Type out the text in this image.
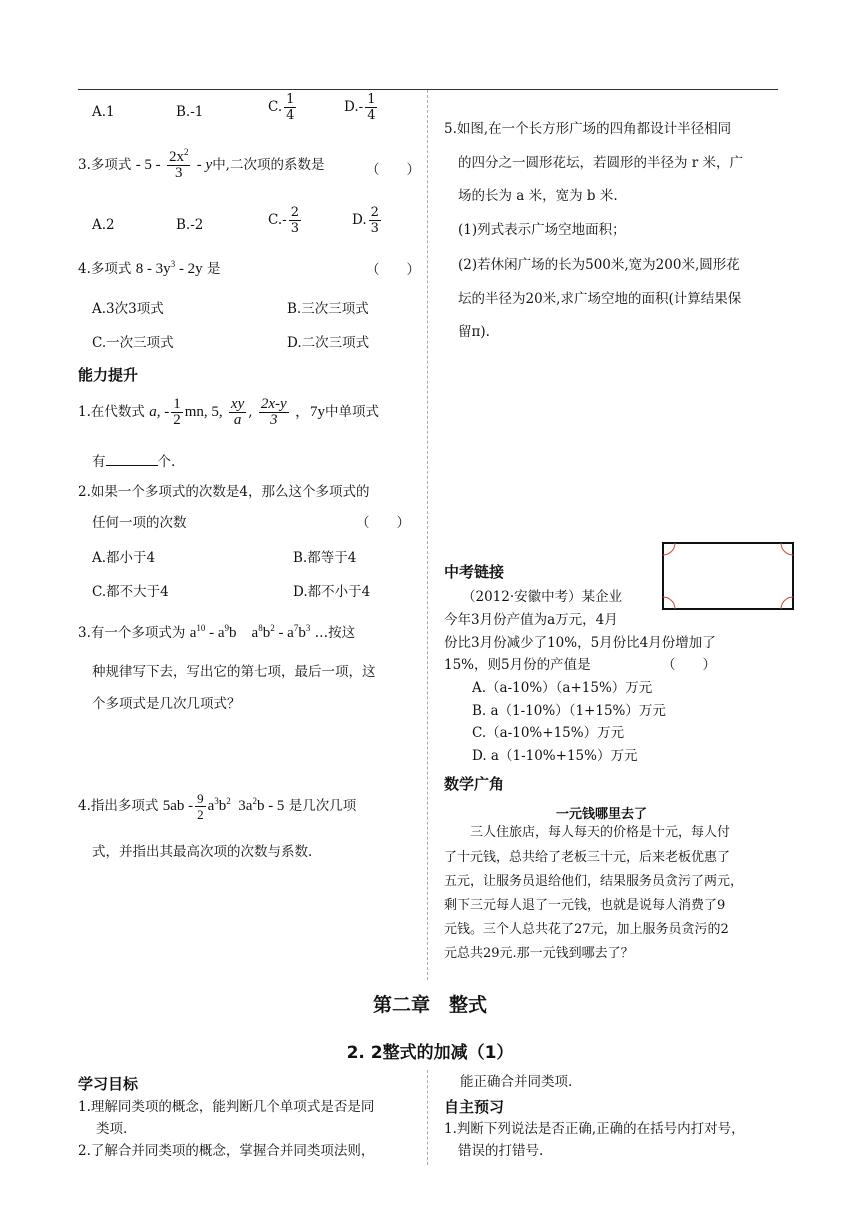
A.1	B.-1	C. $\frac{1}{4}$	$D.- \frac{1}{4}$
3.多项式 - $5 - \frac{2x^2}{3}$ - y中,二次项的系数是	（　　）
A.2	B.-2	$C.- \frac{2}{3}$	D. $\frac{2}{3}$
4.多项式 $8 - 3y^3 - 2y$ 是	（　　）
A.3次3项式	B.三次三项式
C.一次三项式	D.二次三项式
能力提升
1.在代数式 a, - $\frac{1}{2}$ mn, 5, $\frac{xy}{a}$ , $\frac{2x-y}{3}$ ，7y中单项式
有	个.
2.如果一个多项式的次数是4，那么这个多项式的
任何一项的次数	（　　）
A.都小于4	B.都等于4
C.都不大于4	D.都不小于4
3.有一个多项式为 $a^{10} - a^9b$　$a^8b^2 - a^7b^3$ …按这
种规律写下去，写出它的第七项，最后一项，这
个多项式是几次几项式？
4.指出多项式 $5ab - \frac{9}{2} a^3b^2$ $3a^2b - 5$ 是几次几项
式，并指出其最高次项的次数与系数.
5.如图,在一个长方形广场的四角都设计半径相同
的四分之一圆形花坛，若圆形的半径为 r 米，广
场的长为 a 米，宽为 b 米.
(1)列式表示广场空地面积；
(2)若休闲广场的长为500米,宽为200米,圆形花
坛的半径为20米,求广场空地的面积(计算结果保
留π).
中考链接
（2012·安徽中考）某企业
今年3月份产值为a万元，4月
份比3月份减少了10%，5月份比4月份增加了
15%，则5月份的产值是	（　　）
A.（a-10%）（a+15%）万元
B. a（1-10%）（1+15%）万元
C.（a-10%+15%）万元
D. a（1-10%+15%）万元
数学广角
一元钱哪里去了
三人住旅店，每人每天的价格是十元，每人付
了十元钱，总共给了老板三十元，后来老板优惠了
五元，让服务员退给他们，结果服务员贪污了两元，
剩下三元每人退了一元钱，也就是说每人消费了9
元钱。三个人总共花了27元，加上服务员贪污的2
元总共29元.那一元钱到哪去了？
第二章　整式
2. 2整式的加减（1）
学习目标
1.理解同类项的概念，能判断几个单项式是否是同
类项.
2.了解合并同类项的概念，掌握合并同类项法则，
能正确合并同类项.
自主预习
1.判断下列说法是否正确,正确的在括号内打对号，
错误的打错号.
